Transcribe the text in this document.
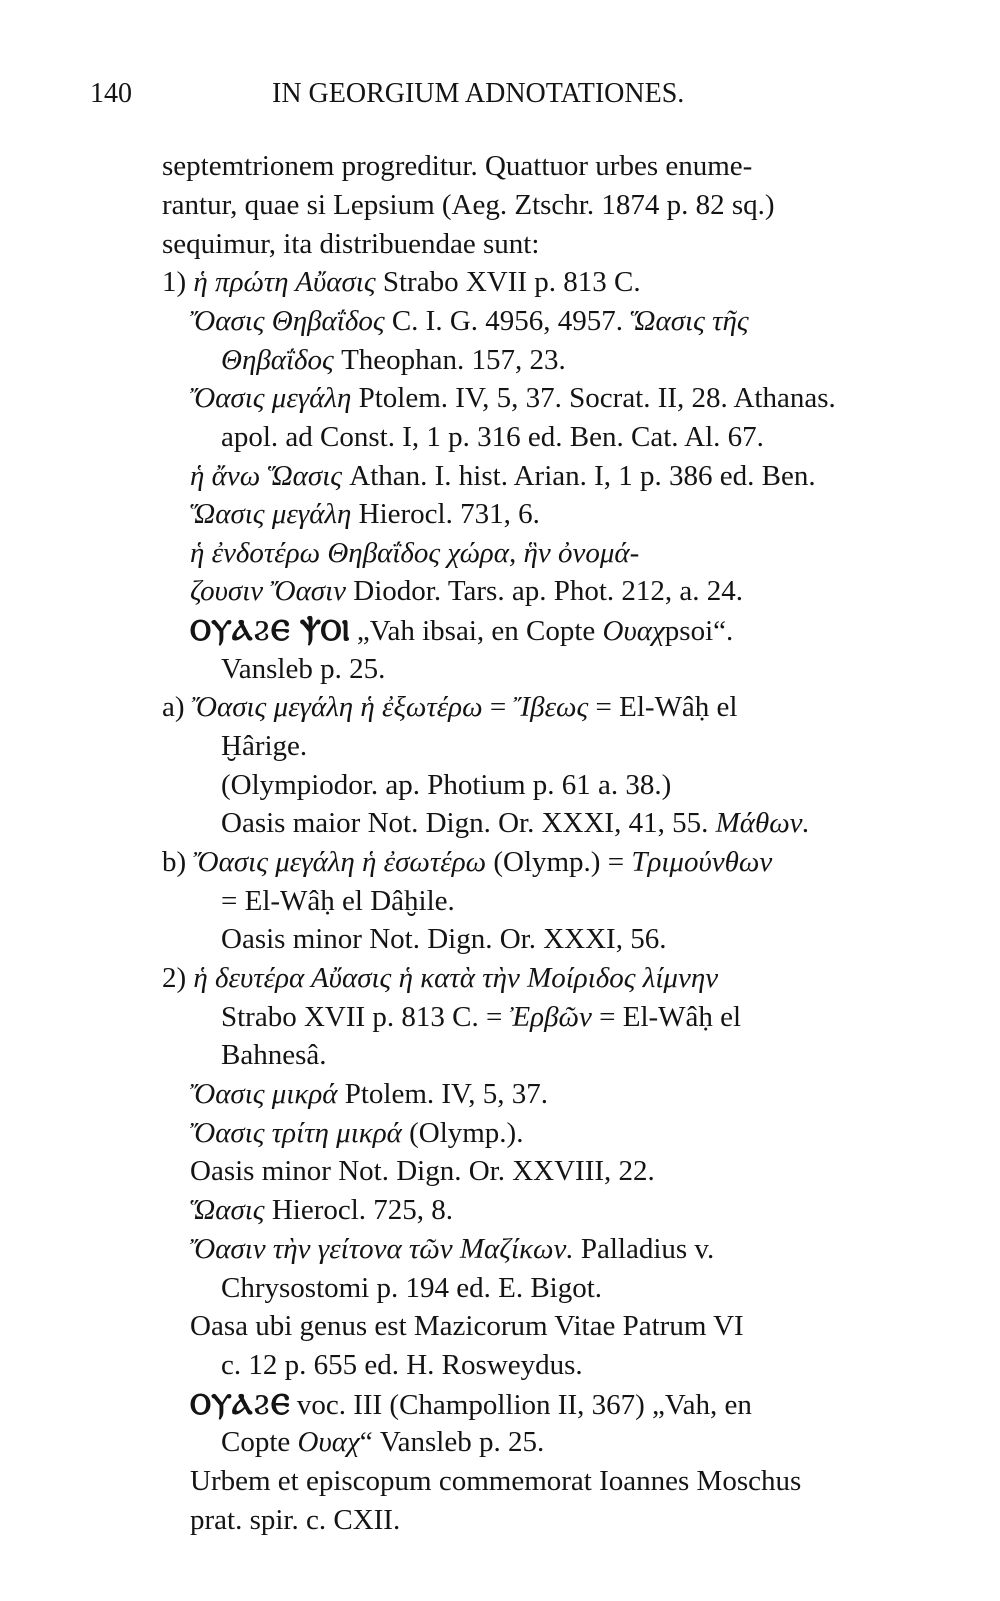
140	IN GEORGIUM ADNOTATIONES.
septemtrionem progreditur. Quattuor urbes enume-
rantur, quae si Lepsium (Aeg. Ztschr. 1874 p. 82 sq.)
sequimur, ita distribuendae sunt:
1) ἡ πρώτη Αὔασις Strabo XVII p. 813 C.
Ὄασις Θηβαΐδος C. I. G. 4956, 4957. Ὥασις τῆς
Θηβαΐδος Theophan. 157, 23.
Ὄασις μεγάλη Ptolem. IV, 5, 37. Socrat. II, 28. Athanas.
apol. ad Const. I, 1 p. 316 ed. Ben. Cat. Al. 67.
ἡ ἄνω Ὥασις Athan. I. hist. Arian. I, 1 p. 386 ed. Ben.
Ὥασις μεγάλη Hierocl. 731, 6.
ἡ ἐνδοτέρω Θηβαΐδος χώρα, ἣν ὀνομά-
ζουσιν Ὄασιν Diodor. Tars. ap. Phot. 212, a. 24.
ⲞⲨⲀϨⲈ ⲮⲞⲒ „Vah ibsai, en Copte Ουαχpsoi“.
Vansleb p. 25.
a) Ὄασις μεγάλη ἡ ἐξωτέρω = Ἴβεως = El-Wâḥ el
Ḫârige.
(Olympiodor. ap. Photium p. 61 a. 38.)
Oasis maior Not. Dign. Or. XXXI, 41, 55. Μάθων.
b) Ὄασις μεγάλη ἡ ἐσωτέρω (Olymp.) = Τριμούνθων
= El-Wâḥ el Dâḫile.
Oasis minor Not. Dign. Or. XXXI, 56.
2) ἡ δευτέρα Αὔασις ἡ κατὰ τὴν Μοίριδος λίμνην
Strabo XVII p. 813 C. = Ἐρβῶν = El-Wâḥ el
Bahnesâ.
Ὄασις μικρά Ptolem. IV, 5, 37.
Ὄασις τρίτη μικρά (Olymp.).
Oasis minor Not. Dign. Or. XXVIII, 22.
Ὥασις Hierocl. 725, 8.
Ὄασιν τὴν γείτονα τῶν Μαζίκων. Palladius v.
Chrysostomi p. 194 ed. E. Bigot.
Oasa ubi genus est Mazicorum Vitae Patrum VI
c. 12 p. 655 ed. H. Rosweydus.
ⲞⲨⲀϨⲈ voc. III (Champollion II, 367) „Vah, en
Copte Ουαχ“ Vansleb p. 25.
Urbem et episcopum commemorat Ioannes Moschus
prat. spir. c. CXII.
